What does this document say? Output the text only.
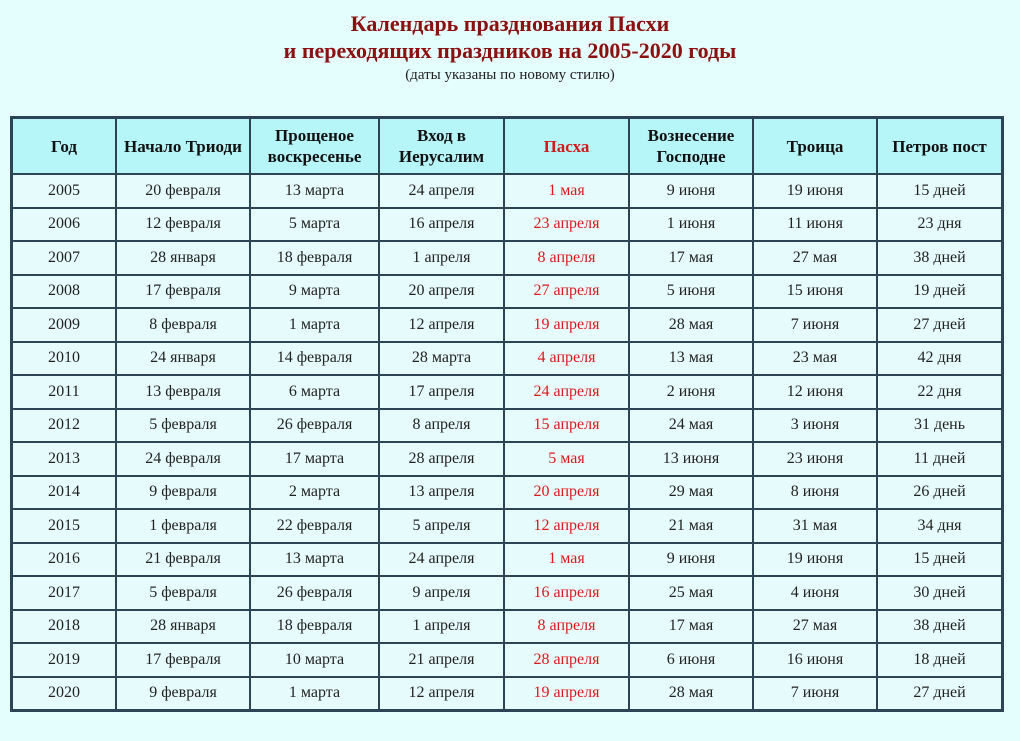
Календарь празднования Пасхи
и переходящих праздников на 2005-2020 годы
(даты указаны по новому стилю)
Год	Начало Триоди	Прощеное воскресенье	Вход в Иерусалим	Пасха	Вознесение Господне	Троица	Петров пост
2005	20 февраля	13 марта	24 апреля	1 мая	9 июня	19 июня	15 дней
2006	12 февраля	5 марта	16 апреля	23 апреля	1 июня	11 июня	23 дня
2007	28 января	18 февраля	1 апреля	8 апреля	17 мая	27 мая	38 дней
2008	17 февраля	9 марта	20 апреля	27 апреля	5 июня	15 июня	19 дней
2009	8 февраля	1 марта	12 апреля	19 апреля	28 мая	7 июня	27 дней
2010	24 января	14 февраля	28 марта	4 апреля	13 мая	23 мая	42 дня
2011	13 февраля	6 марта	17 апреля	24 апреля	2 июня	12 июня	22 дня
2012	5 февраля	26 февраля	8 апреля	15 апреля	24 мая	3 июня	31 день
2013	24 февраля	17 марта	28 апреля	5 мая	13 июня	23 июня	11 дней
2014	9 февраля	2 марта	13 апреля	20 апреля	29 мая	8 июня	26 дней
2015	1 февраля	22 февраля	5 апреля	12 апреля	21 мая	31 мая	34 дня
2016	21 февраля	13 марта	24 апреля	1 мая	9 июня	19 июня	15 дней
2017	5 февраля	26 февраля	9 апреля	16 апреля	25 мая	4 июня	30 дней
2018	28 января	18 февраля	1 апреля	8 апреля	17 мая	27 мая	38 дней
2019	17 февраля	10 марта	21 апреля	28 апреля	6 июня	16 июня	18 дней
2020	9 февраля	1 марта	12 апреля	19 апреля	28 мая	7 июня	27 дней
